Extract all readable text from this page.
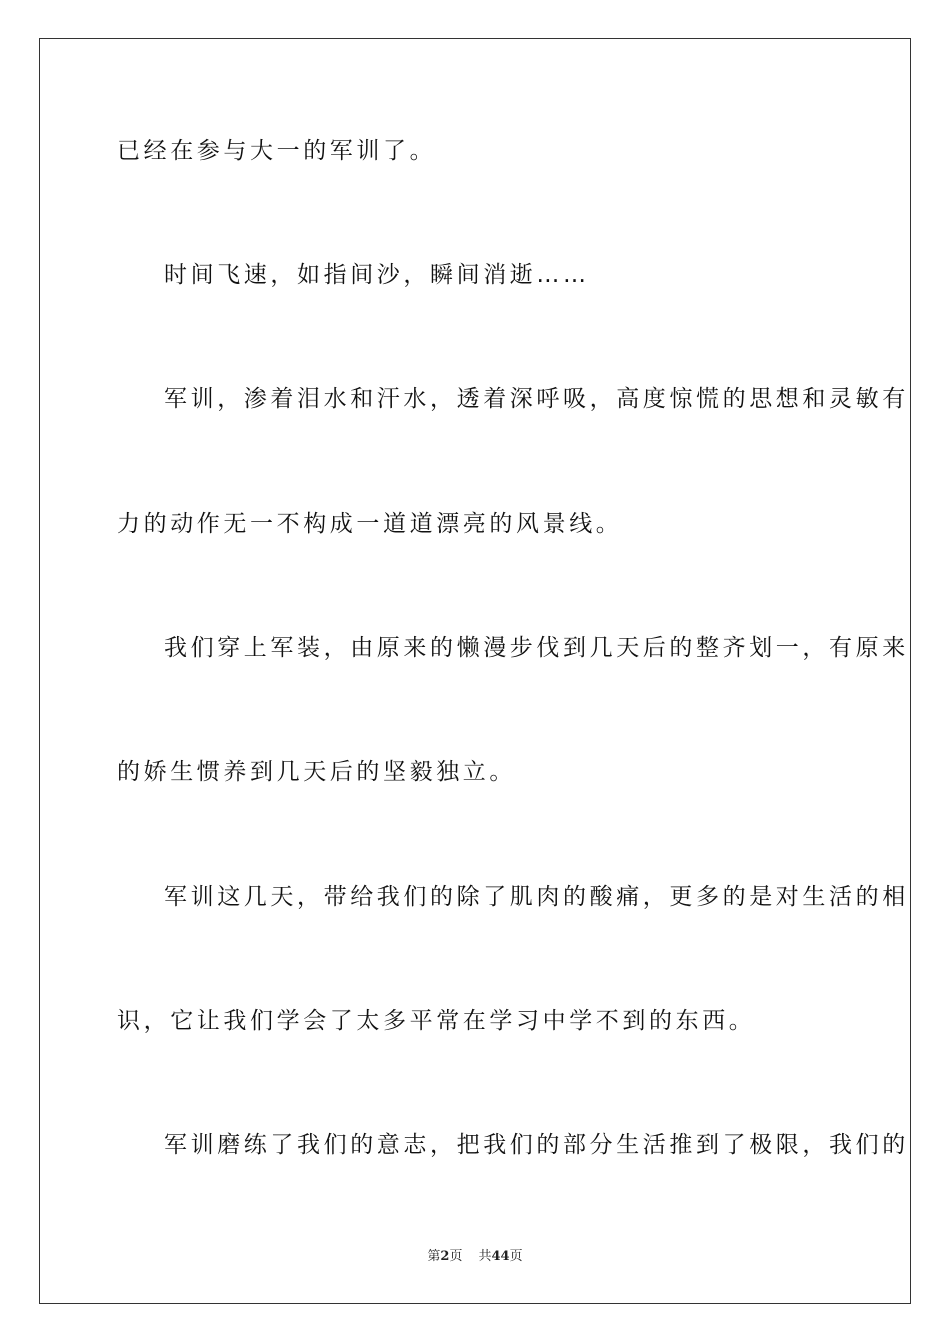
已经在参与大一的军训了。
时间飞速，如指间沙，瞬间消逝……
军训，渗着泪水和汗水，透着深呼吸，高度惊慌的思想和灵敏有
力的动作无一不构成一道道漂亮的风景线。
我们穿上军装，由原来的懒漫步伐到几天后的整齐划一，有原来
的娇生惯养到几天后的坚毅独立。
军训这几天，带给我们的除了肌肉的酸痛，更多的是对生活的相
识，它让我们学会了太多平常在学习中学不到的东西。
军训磨练了我们的意志，把我们的部分生活推到了极限，我们的
第2页 共44页
